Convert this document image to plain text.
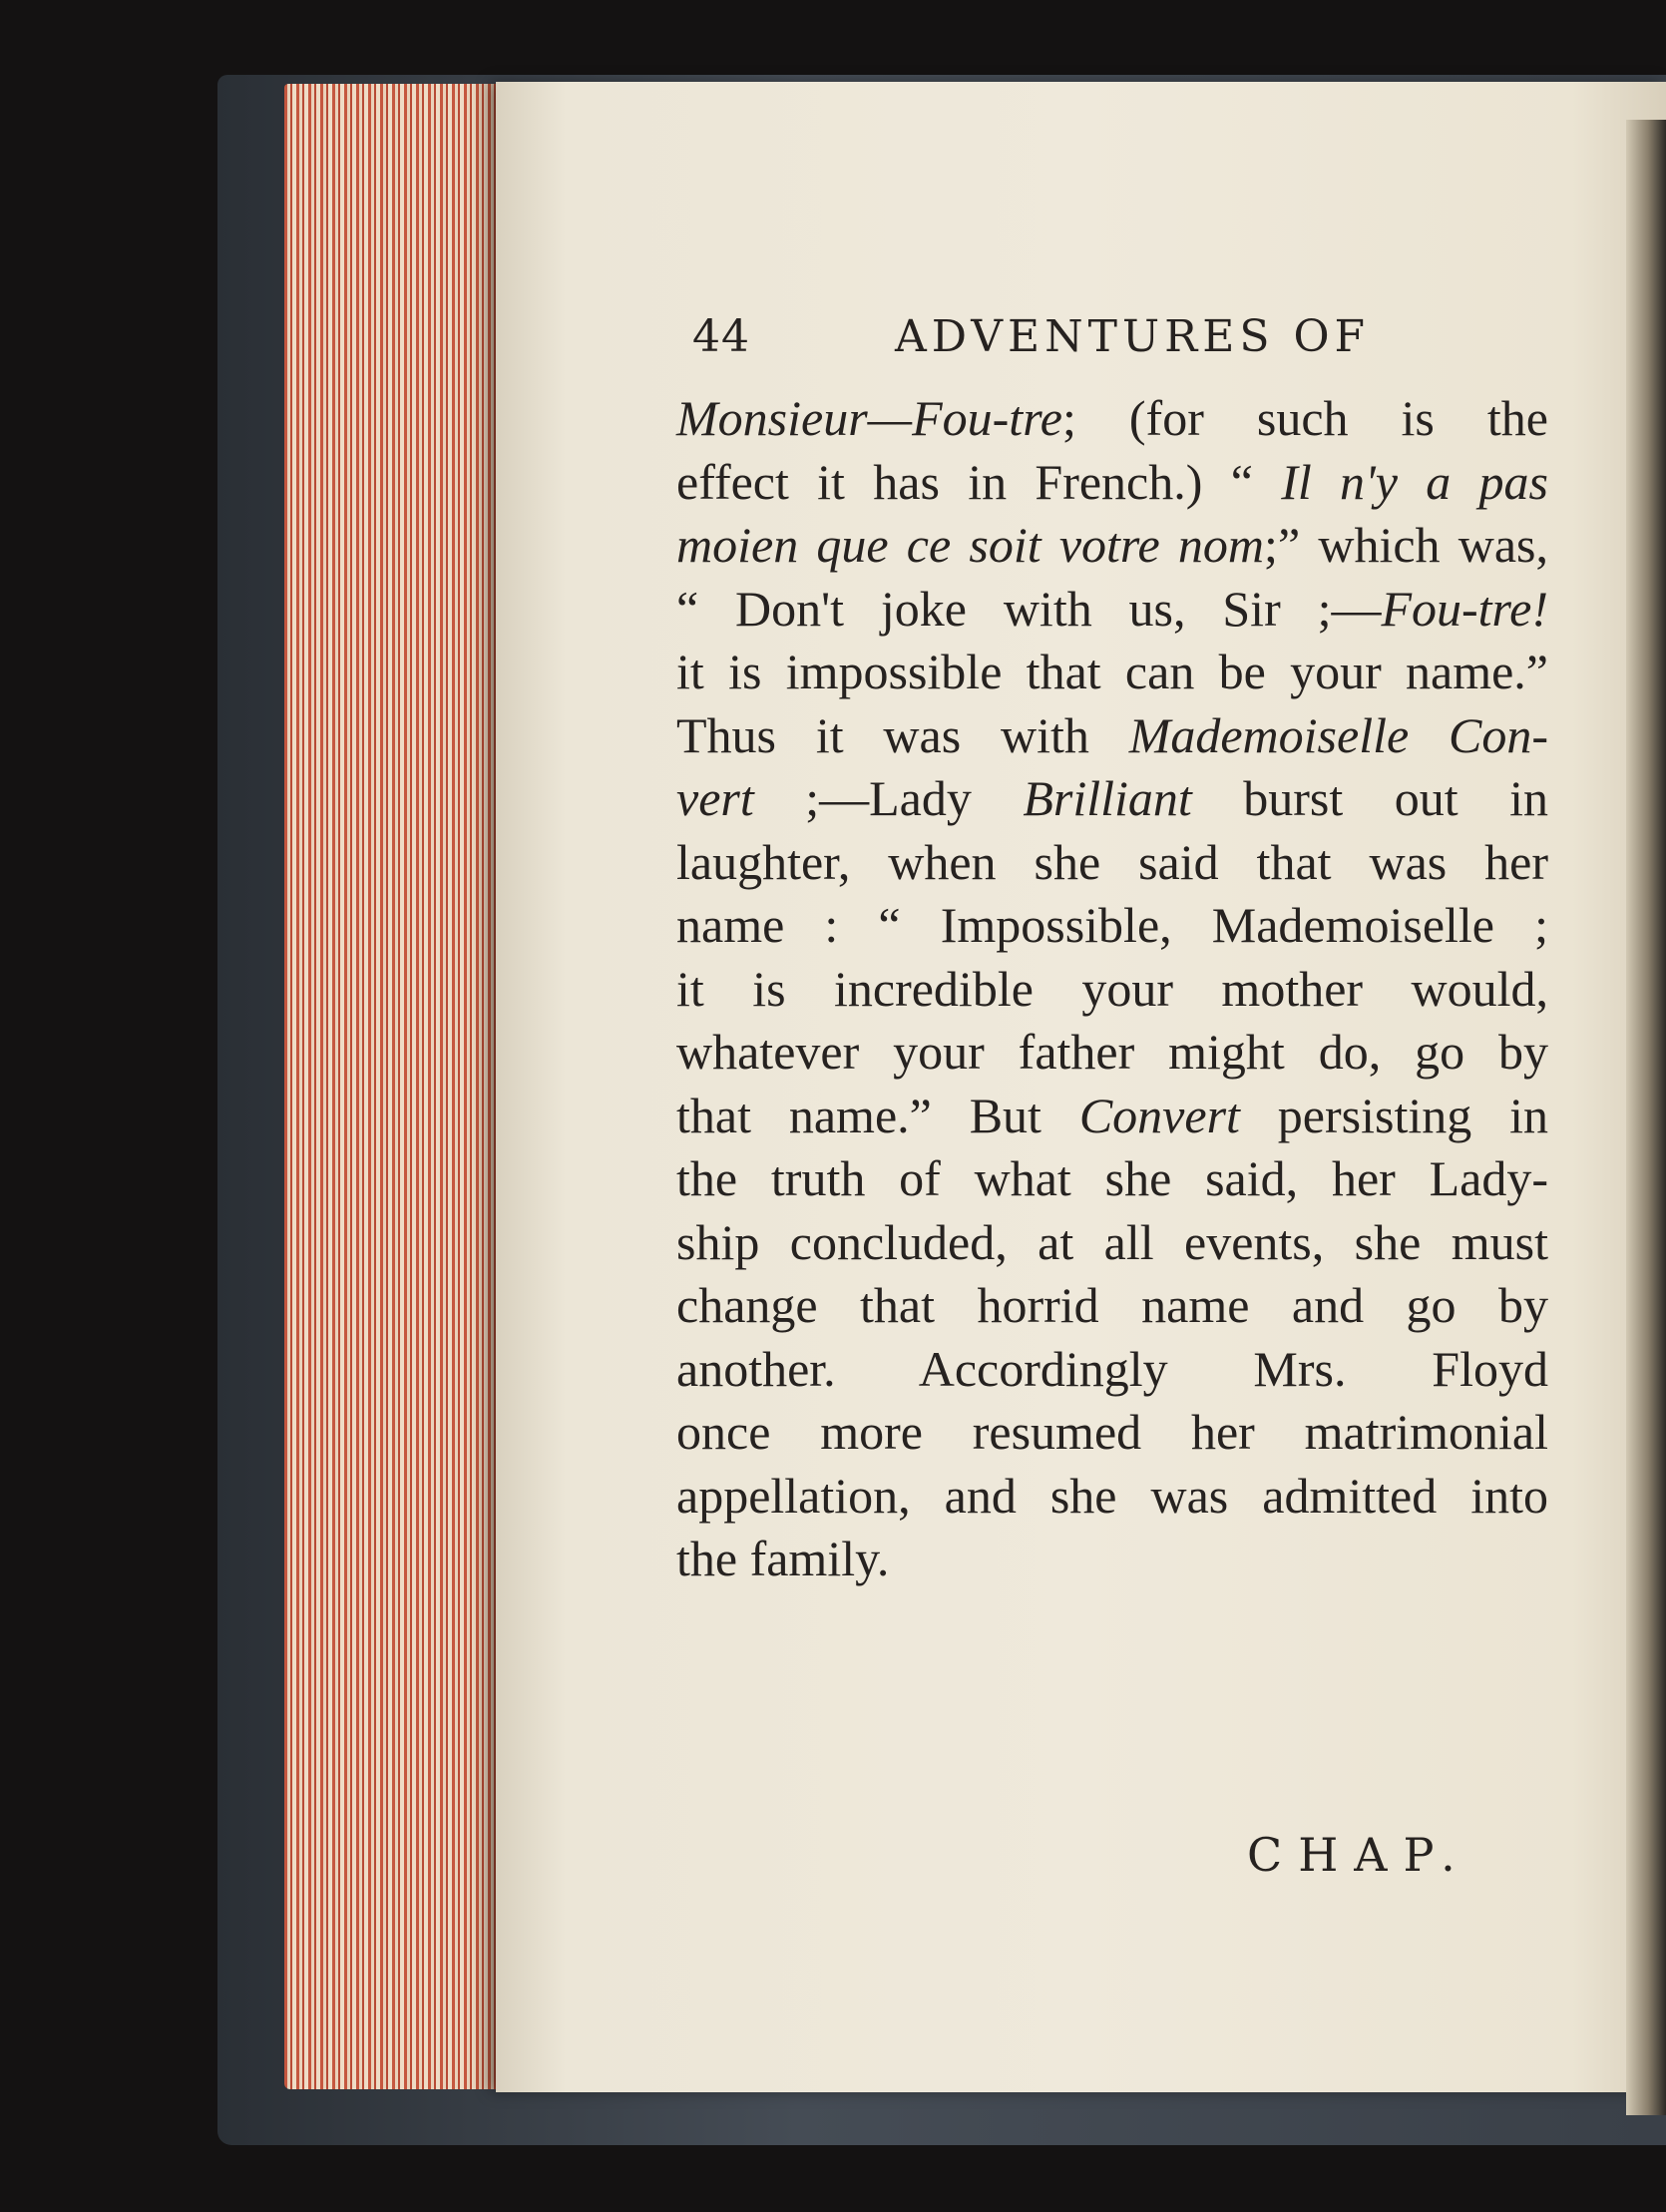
44	ADVENTURES OF
Monsieur—Fou-tre; (for such is the
effect it has in French.) “ Il n'y a pas
moien que ce soit votre nom;” which was,
“ Don't joke with us, Sir ;—Fou-tre!
it is impossible that can be your name.”
Thus it was with Mademoiselle Con-
vert ;—Lady Brilliant burst out in
laughter, when she said that was her
name : “ Impossible, Mademoiselle ;
it is incredible your mother would,
whatever your father might do, go by
that name.” But Convert persisting in
the truth of what she said, her Lady-
ship concluded, at all events, she must
change that horrid name and go by
another. Accordingly Mrs. Floyd
once more resumed her matrimonial
appellation, and she was admitted into
the family.
CHAP.
